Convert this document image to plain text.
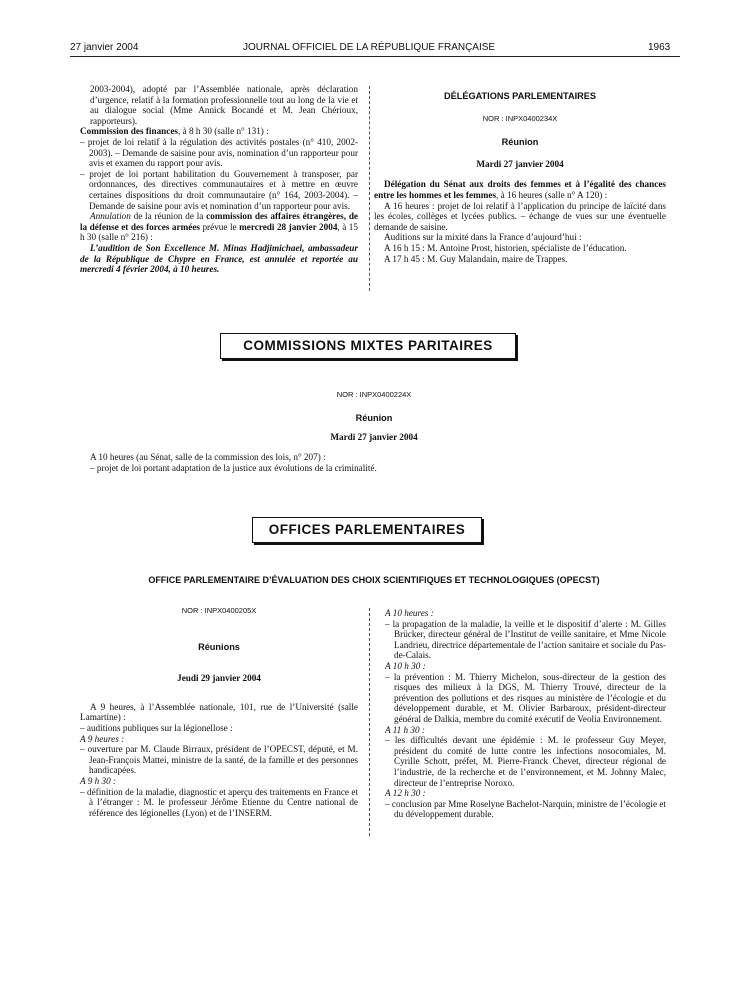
27 janvier 2004	JOURNAL OFFICIEL DE LA RÉPUBLIQUE FRANÇAISE	1963

2003-2004), adopté par l’Assemblée nationale, après déclaration d’urgence, relatif à la formation professionnelle tout au long de la vie et au dialogue social (Mme Annick Bocandé et M. Jean Chérioux, rapporteurs).

Commission des finances, à 8 h 30 (salle n° 131) :

– projet de loi relatif à la régulation des activités postales (n° 410, 2002-2003). – Demande de saisine pour avis, nomination d’un rapporteur pour avis et examen du rapport pour avis.

– projet de loi portant habilitation du Gouvernement à transposer, par ordonnances, des directives communautaires et à mettre en œuvre certaines dispositions du droit communautaire (n° 164, 2003-2004). – Demande de saisine pour avis et nomination d’un rapporteur pour avis.

Annulation de la réunion de la commission des affaires étrangères, de la défense et des forces armées prévue le mercredi 28 janvier 2004, à 15 h 30 (salle n° 216) :

L’audition de Son Excellence M. Minas Hadjimichael, ambassadeur de la République de Chypre en France, est annulée et reportée au mercredi 4 février 2004, à 10 heures.

DÉLÉGATIONS PARLEMENTAIRES

NOR : INPX0400234X

Réunion

Mardi 27 janvier 2004

Délégation du Sénat aux droits des femmes et à l’égalité des chances entre les hommes et les femmes, à 16 heures (salle n° A 120) :

A 16 heures : projet de loi relatif à l’application du principe de laïcité dans les écoles, collèges et lycées publics. – échange de vues sur une éventuelle demande de saisine.

Auditions sur la mixité dans la France d’aujourd’hui :

A 16 h 15 : M. Antoine Prost, historien, spécialiste de l’éducation.

A 17 h 45 : M. Guy Malandain, maire de Trappes.

COMMISSIONS MIXTES PARITAIRES
NOR : INPX0400224X
Réunion
Mardi 27 janvier 2004

A 10 heures (au Sénat, salle de la commission des lois, n° 207) :

– projet de loi portant adaptation de la justice aux évolutions de la criminalité.

OFFICES PARLEMENTAIRES
OFFICE PARLEMENTAIRE D’ÉVALUATION DES CHOIX SCIENTIFIQUES ET TECHNOLOGIQUES (OPECST)

NOR : INPX0400205X

Réunions

Jeudi 29 janvier 2004

A 9 heures, à l’Assemblée nationale, 101, rue de l’Université (salle Lamartine) :

– auditions publiques sur la légionellose :

A 9 heures :

– ouverture par M. Claude Birraux, président de l’OPECST, député, et M. Jean-François Mattei, ministre de la santé, de la famille et des personnes handicapées.

A 9 h 30 :

– définition de la maladie, diagnostic et aperçu des traitements en France et à l’étranger : M. le professeur Jérôme Etienne du Centre national de référence des légionelles (Lyon) et de l’INSERM.

A 10 heures :

– la propagation de la maladie, la veille et le dispositif d’alerte : M. Gilles Brücker, directeur général de l’Institut de veille sanitaire, et Mme Nicole Landrieu, directrice départementale de l’action sanitaire et sociale du Pas-de-Calais.

A 10 h 30 :

– la prévention : M. Thierry Michelon, sous-directeur de la gestion des risques des milieux à la DGS, M. Thierry Trouvé, directeur de la prévention des pollutions et des risques au ministère de l’écologie et du développement durable, et M. Olivier Barbaroux, président-directeur général de Dalkia, membre du comité exécutif de Veolia Environnement.

A 11 h 30 :

– les difficultés devant une épidémie : M. le professeur Guy Meyer, président du comité de lutte contre les infections nosocomiales, M. Cyrille Schott, préfet, M. Pierre-Franck Chevet, directeur régional de l’industrie, de la recherche et de l’environnement, et M. Johnny Malec, directeur de l’entreprise Noroxo.

A 12 h 30 :

– conclusion par Mme Roselyne Bachelot-Narquin, ministre de l’écologie et du développement durable.
